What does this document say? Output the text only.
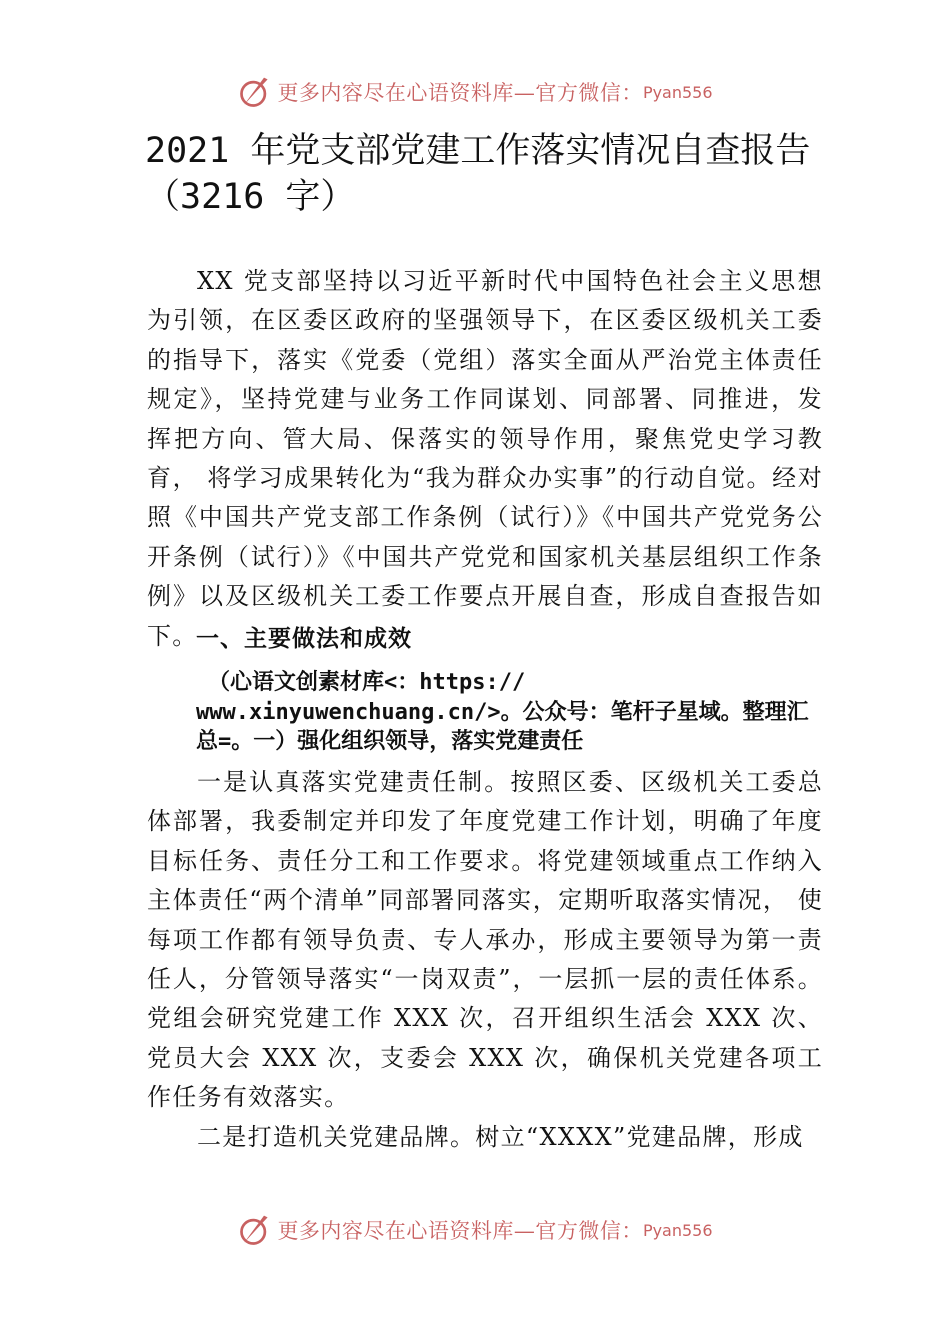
更多内容尽在心语资料库—官方微信： Pyan556
2021 年党支部党建工作落实情况自查报告
（3216 字）

XX 党支部坚持以习近平新时代中国特色社会主义思想为引领，在区委区政府的坚强领导下，在区委区级机关工委的指导下，落实《党委（党组）落实全面从严治党主体责任规定》，坚持党建与业务工作同谋划、同部署、同推进，发 挥把方向、管大局、保落实的领导作用，聚焦党史学习教育， 将学习成果转化为“我为群众办实事”的行动自觉。经对照《中国共产党支部工作条例（试行）》《中国共产党党务公开条例（试行）》《中国共产党党和国家机关基层组织工作条例》以及区级机关工委工作要点开展自查，形成自查报告如下。

一、主要做法和成效

（心语文创素材库<：https://
www.xinyuwenchuang.cn/>。公众号：笔杆子星域。整理汇总=。一）强化组织领导，落实党建责任

一是认真落实党建责任制。按照区委、区级机关工委总体部署，我委制定并印发了年度党建工作计划，明确了年度目标任务、责任分工和工作要求。将党建领域重点工作纳入主体责任“两个清单”同部署同落实，定期听取落实情况， 使每项工作都有领导负责、专人承办，形成主要领导为第一责任人，分管领导落实“一岗双责”，一层抓一层的责任体系。党组会研究党建工作 XXX 次，召开组织生活会 XXX 次、党员大会 XXX 次，支委会 XXX 次，确保机关党建各项工作任务有效落实。

二是打造机关党建品牌。树立“XXXX”党建品牌，形成

更多内容尽在心语资料库—官方微信： Pyan556
